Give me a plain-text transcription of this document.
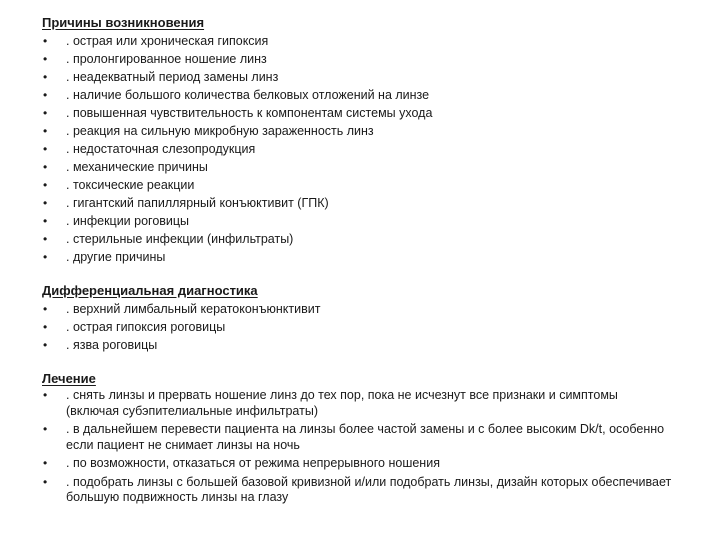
Причины возникновения

• . острая или хроническая гипоксия
• . пролонгированное ношение линз
• . неадекватный период замены линз
• . наличие большого количества белковых отложений на линзе
• . повышенная чувствительность к компонентам системы ухода
• . реакция на сильную микробную зараженность линз
• . недостаточная слезопродукция
• . механические причины
• . токсические реакции
• . гигантский папиллярный конъюктивит (ГПК)
• . инфекции роговицы
• . стерильные инфекции (инфильтраты)
• . другие причины

Дифференциальная диагностика

• . верхний лимбальный кератоконъюнктивит
• . острая гипоксия роговицы
• . язва роговицы

Лечение

• . снять линзы и прервать ношение линз до тех пор, пока не исчезнут все признаки и симптомы (включая субэпителиальные инфильтраты)
• . в дальнейшем перевести пациента на линзы более частой замены и с более высоким Dk/t, особенно если пациент не снимает линзы на ночь
• . по возможности, отказаться от режима непрерывного ношения
• . подобрать линзы с большей базовой кривизной и/или подобрать линзы, дизайн которых обеспечивает большую подвижность линзы на глазу
